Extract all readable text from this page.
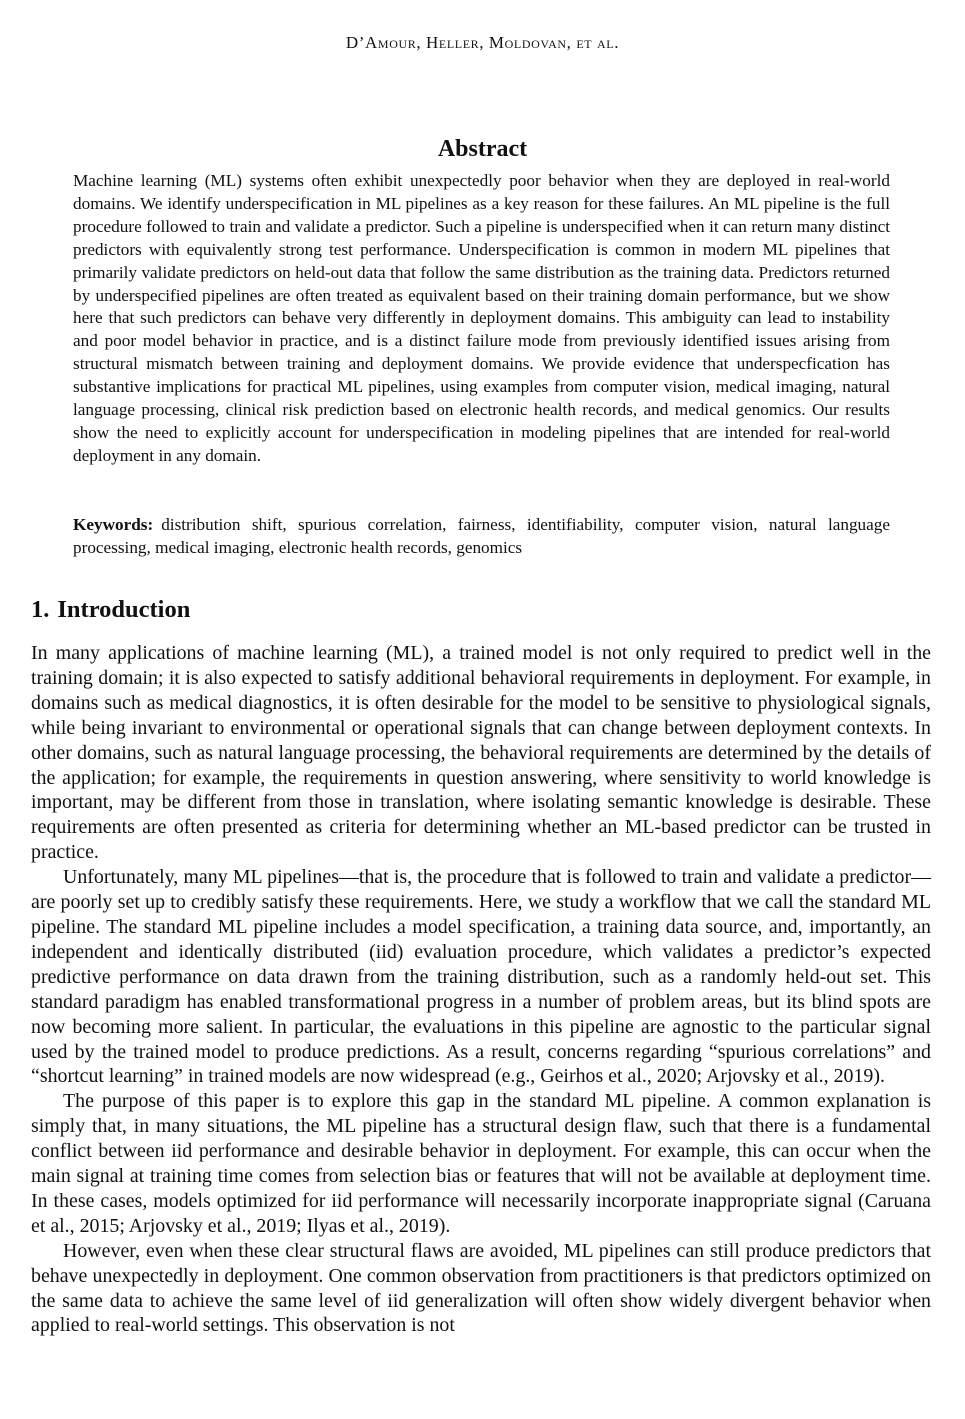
D’Amour, Heller, Moldovan, et al.
Abstract
Machine learning (ML) systems often exhibit unexpectedly poor behavior when they are deployed in real-world domains. We identify underspecification in ML pipelines as a key reason for these failures. An ML pipeline is the full procedure followed to train and validate a predictor. Such a pipeline is underspecified when it can return many distinct predictors with equivalently strong test performance. Underspecification is common in modern ML pipelines that primarily validate predictors on held-out data that follow the same distribution as the training data. Predictors returned by underspecified pipelines are often treated as equivalent based on their training domain performance, but we show here that such predictors can behave very differently in deployment domains. This ambiguity can lead to instability and poor model behavior in practice, and is a distinct failure mode from previously identified issues arising from structural mismatch between training and deployment domains. We provide evidence that underspecfication has substantive implications for practical ML pipelines, using examples from computer vision, medical imaging, natural language processing, clinical risk prediction based on electronic health records, and medical genomics. Our results show the need to explicitly account for underspecification in modeling pipelines that are intended for real-world deployment in any domain.
Keywords: distribution shift, spurious correlation, fairness, identifiability, computer vision, natural language processing, medical imaging, electronic health records, genomics
1. Introduction

In many applications of machine learning (ML), a trained model is not only required to predict well in the training domain; it is also expected to satisfy additional behavioral requirements in deployment. For example, in domains such as medical diagnostics, it is often desirable for the model to be sensitive to physiological signals, while being invariant to environmental or operational signals that can change between deployment contexts. In other domains, such as natural language processing, the behavioral requirements are determined by the details of the application; for example, the requirements in question answering, where sensitivity to world knowledge is important, may be different from those in translation, where isolating semantic knowledge is desirable. These requirements are often presented as criteria for determining whether an ML-based predictor can be trusted in practice.

Unfortunately, many ML pipelines—that is, the procedure that is followed to train and validate a predictor—are poorly set up to credibly satisfy these requirements. Here, we study a workflow that we call the standard ML pipeline. The standard ML pipeline includes a model specification, a training data source, and, importantly, an independent and identically distributed (iid) evaluation procedure, which validates a predictor’s expected predictive performance on data drawn from the training distribution, such as a randomly held-out set. This standard paradigm has enabled transformational progress in a number of problem areas, but its blind spots are now becoming more salient. In particular, the evaluations in this pipeline are agnostic to the particular signal used by the trained model to produce predictions. As a result, concerns regarding “spurious correlations” and “shortcut learning” in trained models are now widespread (e.g., Geirhos et al., 2020; Arjovsky et al., 2019).

The purpose of this paper is to explore this gap in the standard ML pipeline. A common explanation is simply that, in many situations, the ML pipeline has a structural design flaw, such that there is a fundamental conflict between iid performance and desirable behavior in deployment. For example, this can occur when the main signal at training time comes from selection bias or features that will not be available at deployment time. In these cases, models optimized for iid performance will necessarily incorporate inappropriate signal (Caruana et al., 2015; Arjovsky et al., 2019; Ilyas et al., 2019).

However, even when these clear structural flaws are avoided, ML pipelines can still produce predictors that behave unexpectedly in deployment. One common observation from practitioners is that predictors optimized on the same data to achieve the same level of iid generalization will often show widely divergent behavior when applied to real-world settings. This observation is not
